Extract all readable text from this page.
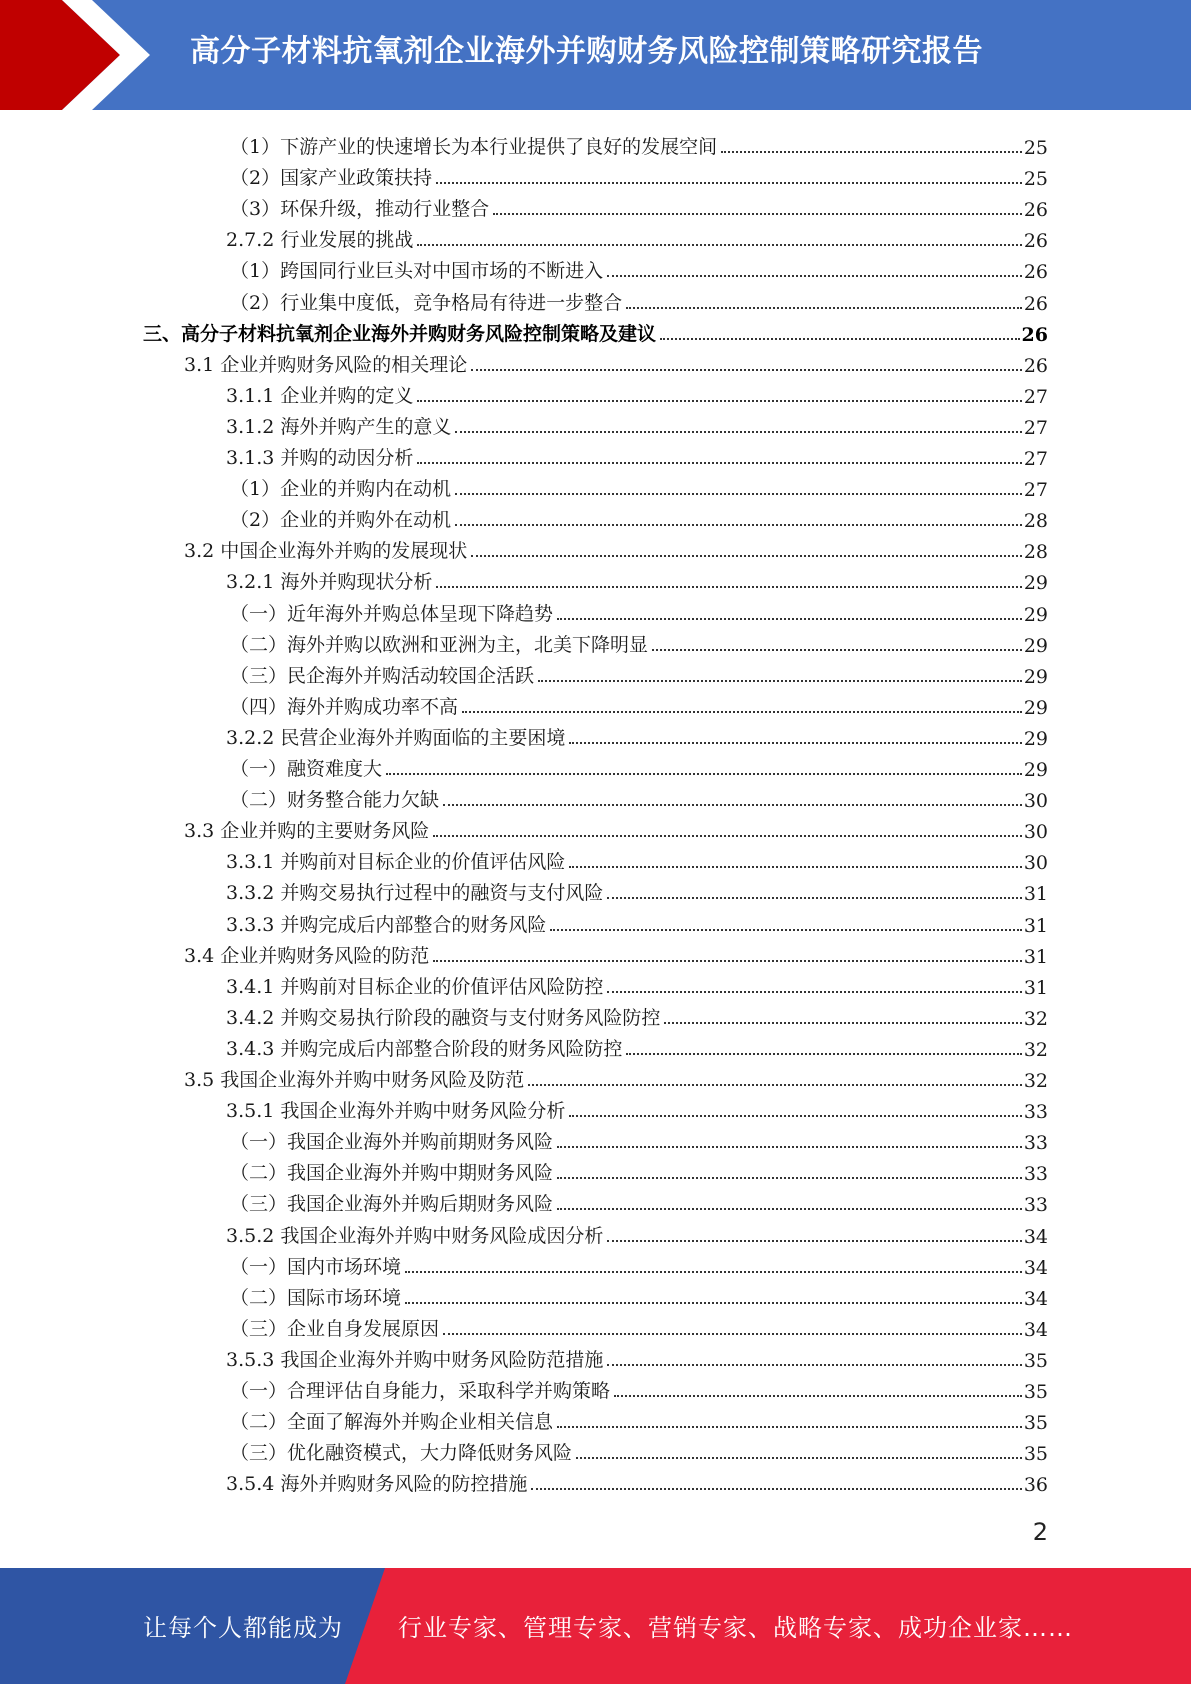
高分子材料抗氧剂企业海外并购财务风险控制策略研究报告
（1）下游产业的快速增长为本行业提供了良好的发展空间	25
（2）国家产业政策扶持	25
（3）环保升级，推动行业整合	26
2.7.2 行业发展的挑战	26
（1）跨国同行业巨头对中国市场的不断进入	26
（2）行业集中度低，竞争格局有待进一步整合	26
三、高分子材料抗氧剂企业海外并购财务风险控制策略及建议	26
3.1 企业并购财务风险的相关理论	26
3.1.1 企业并购的定义	27
3.1.2 海外并购产生的意义	27
3.1.3 并购的动因分析	27
（1）企业的并购内在动机	27
（2）企业的并购外在动机	28
3.2 中国企业海外并购的发展现状	28
3.2.1 海外并购现状分析	29
（一）近年海外并购总体呈现下降趋势	29
（二）海外并购以欧洲和亚洲为主，北美下降明显	29
（三）民企海外并购活动较国企活跃	29
（四）海外并购成功率不高	29
3.2.2 民营企业海外并购面临的主要困境	29
（一）融资难度大	29
（二）财务整合能力欠缺	30
3.3 企业并购的主要财务风险	30
3.3.1 并购前对目标企业的价值评估风险	30
3.3.2 并购交易执行过程中的融资与支付风险	31
3.3.3 并购完成后内部整合的财务风险	31
3.4 企业并购财务风险的防范	31
3.4.1 并购前对目标企业的价值评估风险防控	31
3.4.2 并购交易执行阶段的融资与支付财务风险防控	32
3.4.3 并购完成后内部整合阶段的财务风险防控	32
3.5 我国企业海外并购中财务风险及防范	32
3.5.1 我国企业海外并购中财务风险分析	33
（一）我国企业海外并购前期财务风险	33
（二）我国企业海外并购中期财务风险	33
（三）我国企业海外并购后期财务风险	33
3.5.2 我国企业海外并购中财务风险成因分析	34
（一）国内市场环境	34
（二）国际市场环境	34
（三）企业自身发展原因	34
3.5.3 我国企业海外并购中财务风险防范措施	35
（一）合理评估自身能力，采取科学并购策略	35
（二）全面了解海外并购企业相关信息	35
（三）优化融资模式，大力降低财务风险	35
3.5.4 海外并购财务风险的防控措施	36
2
让每个人都能成为 行业专家、管理专家、营销专家、战略专家、成功企业家……
